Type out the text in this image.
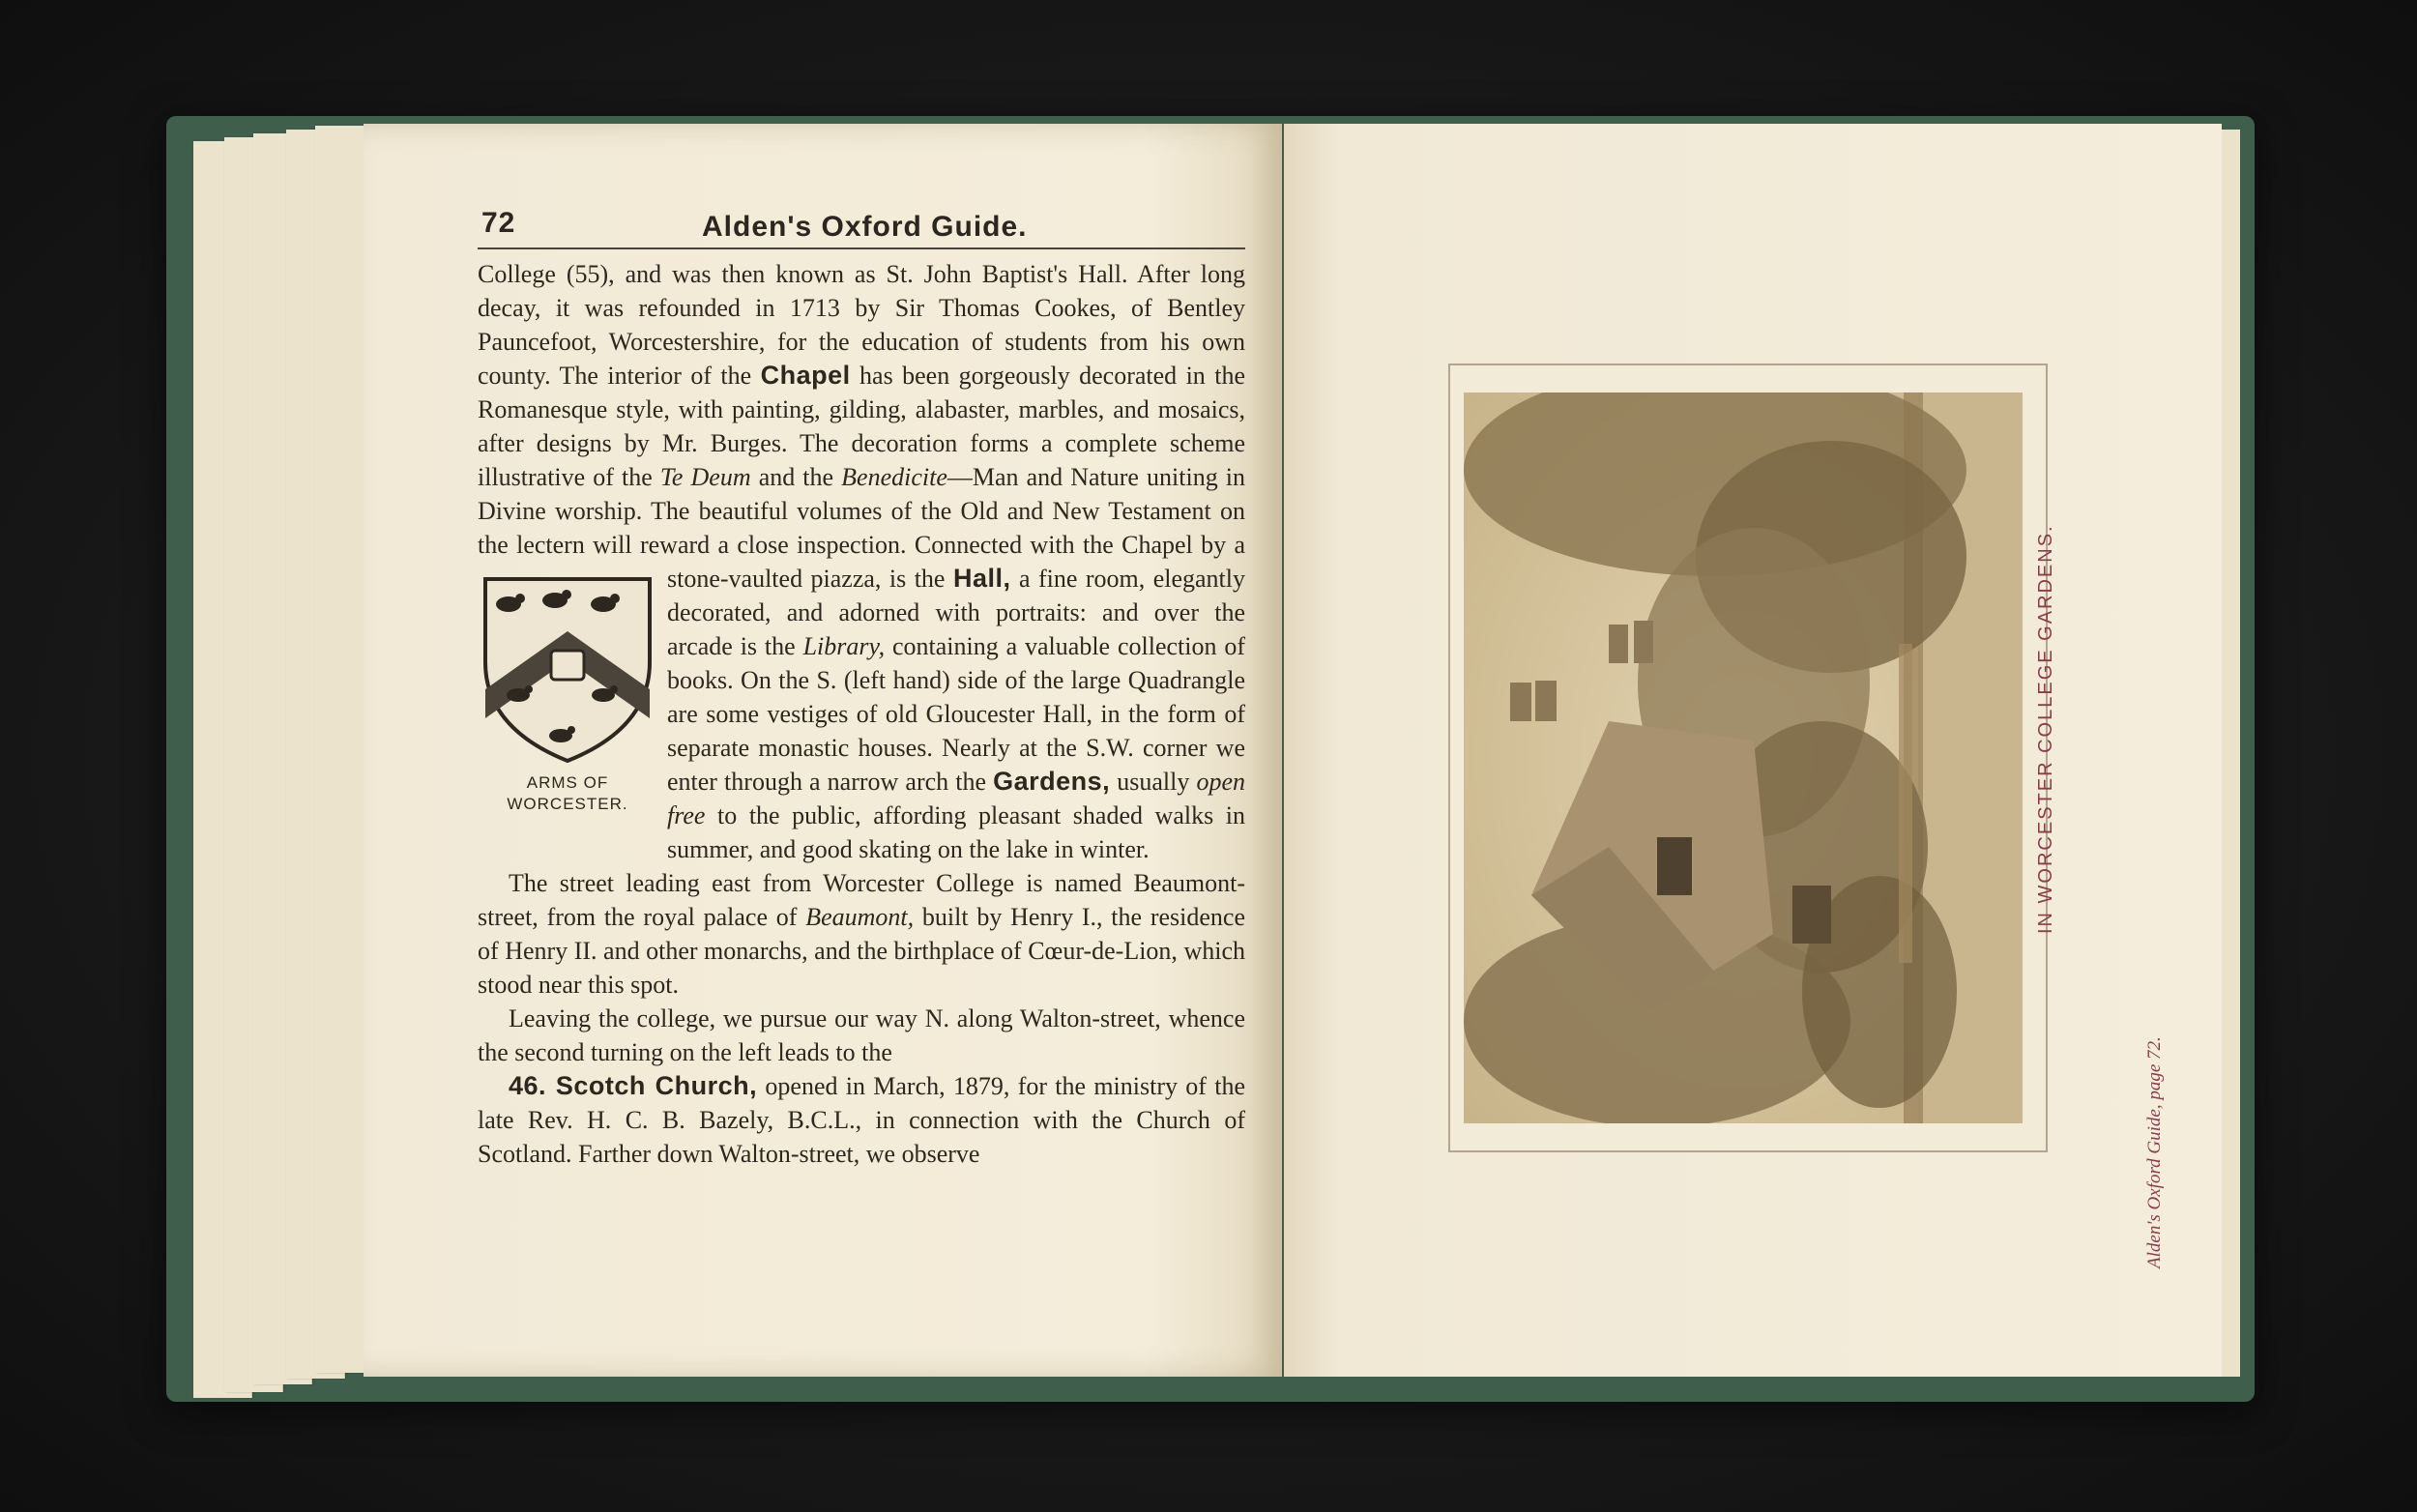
72	Alden's Oxford Guide.

College (55), and was then known as St. John Baptist's Hall. After long decay, it was refounded in 1713 by Sir Thomas Cookes, of Bentley Pauncefoot, Worcestershire, for the education of students from his own county. The interior of the Chapel has been gorgeously decorated in the Romanesque style, with painting, gilding, alabaster, marbles, and mosaics, after designs by Mr. Burges. The decoration forms a complete scheme illustrative of the Te Deum and the Benedicite—Man and Nature uniting in Divine worship. The beautiful volumes of the Old and New Testament on the lectern will reward a close inspection. Connected with the Chapel by a stone-vaulted piazza, is the Hall,
ARMS OF
WORCESTER.
a fine room, elegantly decorated, and adorned with portraits: and over the arcade is the Library, containing a valuable collection of books. On the S. (left hand) side of the large Quadrangle are some vestiges of old Gloucester Hall, in the form of separate monastic houses. Nearly at the S.W. corner we enter through a narrow arch the Gardens, usually open free to the public, affording pleasant shaded walks in summer, and good skating on the lake in winter.

The street leading east from Worcester College is named Beaumont-street, from the royal palace of Beaumont, built by Henry I., the residence of Henry II. and other monarchs, and the birthplace of Cœur-de-Lion, which stood near this spot.

Leaving the college, we pursue our way N. along Walton-street, whence the second turning on the left leads to the

46. Scotch Church, opened in March, 1879, for the ministry of the late Rev. H. C. B. Bazely, B.C.L., in connection with the Church of Scotland. Farther down Walton-street, we observe

IN WORCESTER COLLEGE GARDENS.
Alden's Oxford Guide, page 72.
